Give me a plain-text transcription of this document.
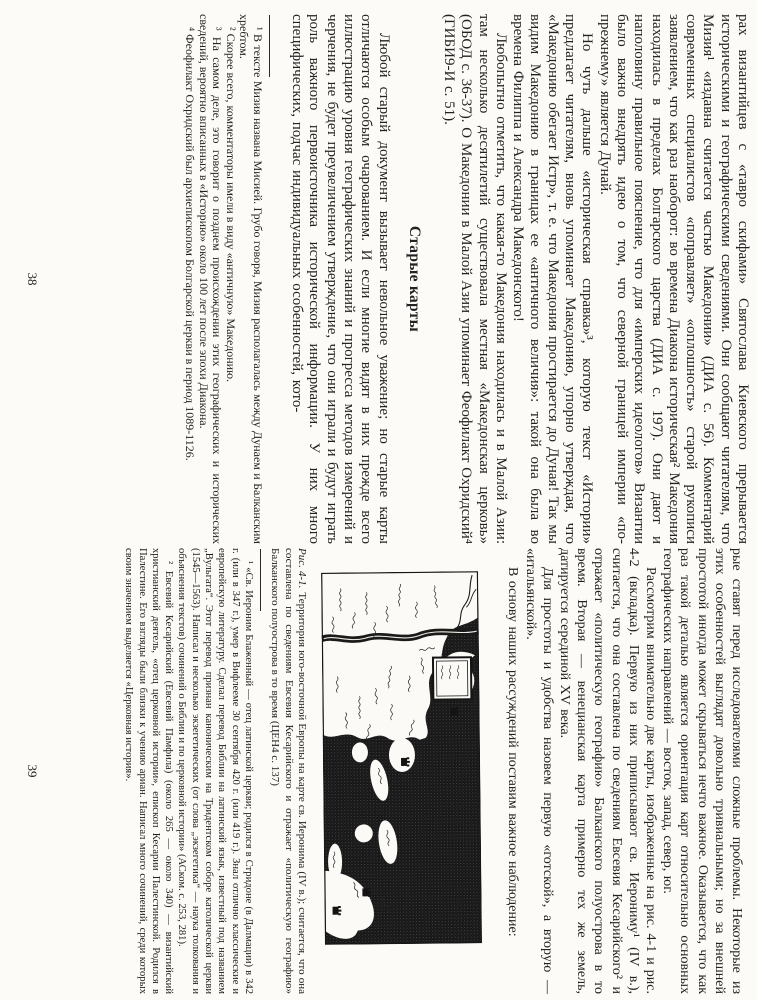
рах византийцев с «тавро скифами» Святослава Киевского прерывается историческими и географическими сведениями. Они сообщают читателям, что Мизия¹ «издавна считается частью Македонии» (ДИА с. 56). Комментарий современных специалистов «поправляет» «оплошность» старой рукописи заявлением, что как раз наоборот: во времена Диакона историческая² Македония находилась в пределах Болгарского царства (ДИА с. 197). Они дают и наполовину правильное пояснение, что для «имперских идеологов» Византии было важно внедрять идею о том, что северной границей империи «по-прежнему» является Дунай.

Но чуть дальше «историческая справка»³, которую текст «Истории» предлагает читателям, вновь упоминает Македонию, упорно утверждая, что «Македонию обегает Истр», т. е. что Македония простирается до Дуная! Так мы видим Македонию в границах ее «античного величия»: такой она была во времена Филиппа и Александра Македонского!

Любопытно отметить, что какая-то Македония находилась и в Малой Азии: там несколько десятилетий существовала местная «Македонская церковь» (ОБОД с. 36-37). О Македонии в Малой Азии упоминает Феофилакт Охридский⁴ (ГИБИ9-И с. 51).

Старые карты

Любой старый документ вызывает невольное уважение; но старые карты отличаются особым очарованием. И если многие видят в них прежде всего иллюстрацию уровня географических знаний и прогресса методов измерений и черчения, не будет преувеличением утверждение, что они играли и будут играть роль важного первоисточника исторической информации. У них много специфических, подчас индивидуальных особенностей, кото-

¹ В тексте Мизия названа Мисией. Грубо говоря, Мизия располагалась между Дунаем и Балканским хребтом.

² Скорее всего, комментаторы имели в виду «античную» Македонию.

³ На самом деле, это говорит о позднем происхождении этих географических и исторических сведений, вероятно вписанных в «Историю» около 100 лет после эпохи Диакона.

⁴ Феофилакт Охридский был архиепископом Болгарской церкви в период 1089-1126.

38

рые ставят перед исследователями сложные проблемы. Некоторые из этих особенностей выглядят довольно тривиальными; но за внешней простотой иногда может скрываться нечто важное. Оказывается, что как раз такой деталью является ориентация карт относительно основных географических направлений — восток, запад, север, юг.

Рассмотрим внимательно две карты, изображенные на рис. 4-1 и рис. 4-2 (вкладка). Первую из них приписывают св. Иерониму¹ (IV в.), считается, что она составлена по сведениям Евсевия Кесарийского² и отражает «политическую географию» Балканского полуострова в то время. Вторая — венецианская карта примерно тех же земель, датируется серединой XV века.

Для простоты и удобства назовем первую «готской», а вторую — «итальянской».

В основу наших рассуждений поставим важное наблюдение:

Рис. 4-1.Территория юго-восточной Европы на карте св. Иеронима (IV в.); считается, что она составлена по сведениям Евсевия Кесарийского и отражает «политическую географию» Балканского полуострова в то время (ЦЕН4 с. 137)

¹ «Св. Иероним Блаженный — отец латинской церкви; родился в Стридоне (в Далмации) в 342 г. (или в 347 г.), умер в Вифлееме 30 сентября 420 г. (или 419 г.). Знал отлично классические и европейскую литературу. Сделал перевод Библии на латинский язык, известный под названием „Вульгата“. Этот перевод признан каноническим на Тридентском соборе католической церкви (1545—1563). Написал и несколько экзегетических (от слова „экзегетика“ — наука толкования и объяснения текстов) сочинений о Библии и по церковной истории» (АСком. с. 253, 281).

² Евсевий Кесарийский (Евсевий Памфила) (около 265 — около 340) — византийский христианский деятель, «отец церковной истории», епископ Кесарии Палестинской. Родился в Палестине. Его взгляды были близки к учению ариан. Написал много сочинений, среди которых своим значением выделяется «Церковная история».

39
